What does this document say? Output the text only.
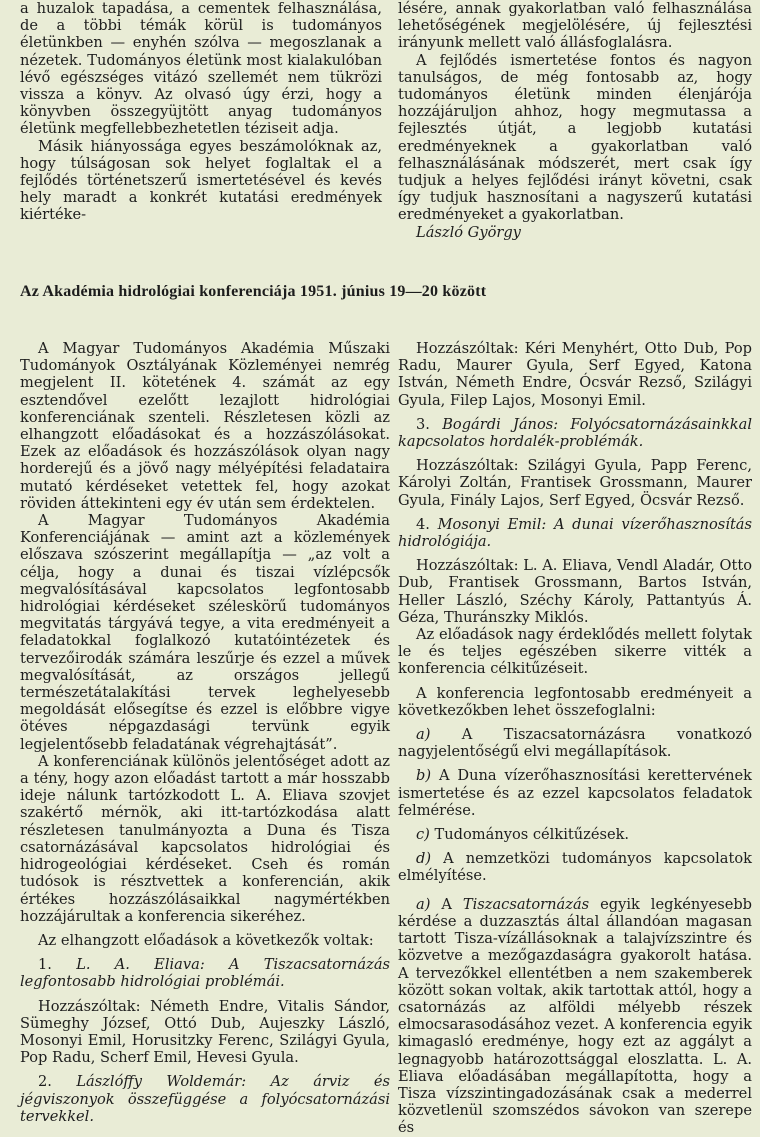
a huzalok tapadása, a cementek felhasználása, de a többi témák körül is tudományos életünkben — enyhén szólva — megoszlanak a nézetek. Tudományos életünk most kialakulóban lévő egészséges vitázó szellemét nem tükrözi vissza a könyv. Az olvasó úgy érzi, hogy a könyvben összegyüjtött anyag tudományos életünk megfellebbezhetetlen téziseit adja.

Másik hiányossága egyes beszámolóknak az, hogy túlságosan sok helyet foglaltak el a fejlődés történetszerű ismertetésével és kevés hely maradt a konkrét kutatási eredmények kiértéke-

lésére, annak gyakorlatban való felhasználása lehetőségének megjelölésére, új fejlesztési irányunk mellett való állásfoglalásra.

A fejlődés ismertetése fontos és nagyon tanulságos, de még fontosabb az, hogy tudományos életünk minden élenjárója hozzájáruljon ahhoz, hogy megmutassa a fejlesztés útját, a legjobb kutatási eredményeknek a gyakorlatban való felhasználásának módszerét, mert csak így tudjuk a helyes fejlődési irányt követni, csak így tudjuk hasznosítani a nagyszerű kutatási eredményeket a gyakorlatban.

László György

Az Akadémia hidrológiai konferenciája 1951. június 19—20 között

A Magyar Tudományos Akadémia Műszaki Tudományok Osztályának Közleményei nemrég megjelent II. kötetének 4. számát az egy esztendővel ezelőtt lezajlott hidrológiai konferenciának szenteli. Részletesen közli az elhangzott előadásokat és a hozzászólásokat. Ezek az előadások és hozzászólások olyan nagy horderejű és a jövő nagy mélyépítési feladataira mutató kérdéseket vetettek fel, hogy azokat röviden áttekinteni egy év után sem érdektelen.

A Magyar Tudományos Akadémia Konferenciájának — amint azt a közlemények előszava szószerint megállapítja — „az volt a célja, hogy a dunai és tiszai vízlépcsők megvalósításával kapcsolatos legfontosabb hidrológiai kérdéseket széleskörű tudományos megvitatás tárgyává tegye, a vita eredményeit a feladatokkal foglalkozó kutatóintézetek és tervezőirodák számára leszűrje és ezzel a művek megvalósítását, az országos jellegű természetátalakítási tervek leghelyesebb megoldását elősegítse és ezzel is előbbre vigye ötéves népgazdasági tervünk egyik legjelentősebb feladatának végrehajtását”.

A konferenciának különös jelentőséget adott az a tény, hogy azon előadást tartott a már hosszabb ideje nálunk tartózkodott L. A. Eliava szovjet szakértő mérnök, aki itt-tartózkodása alatt részletesen tanulmányozta a Duna és Tisza csatornázásával kapcsolatos hidrológiai és hidrogeológiai kérdéseket. Cseh és román tudósok is résztvettek a konferencián, akik értékes hozzászólásaikkal nagymértékben hozzájárultak a konferencia sikeréhez.

Az elhangzott előadások a következők voltak:

1. L. A. Eliava: A Tiszacsatornázás legfontosabb hidrológiai problémái.

Hozzászóltak: Németh Endre, Vitalis Sándor, Sümeghy József, Ottó Dub, Aujeszky László, Mosonyi Emil, Horusitzky Ferenc, Szilágyi Gyula, Pop Radu, Scherf Emil, Hevesi Gyula.

2. Lászlóffy Woldemár: Az árviz és jégviszonyok összefüggése a folyócsatornázási tervekkel.

Hozzászóltak: Kéri Menyhért, Otto Dub, Pop Radu, Maurer Gyula, Serf Egyed, Katona István, Németh Endre, Ócsvár Rezső, Szilágyi Gyula, Filep Lajos, Mosonyi Emil.

3. Bogárdi János: Folyócsatornázásainkkal kapcsolatos hordalék-problémák.

Hozzászóltak: Szilágyi Gyula, Papp Ferenc, Károlyi Zoltán, Frantisek Grossmann, Maurer Gyula, Finály Lajos, Serf Egyed, Öcsvár Rezső.

4. Mosonyi Emil: A dunai vízerőhasznosítás hidrológiája.

Hozzászóltak: L. A. Eliava, Vendl Aladár, Otto Dub, Frantisek Grossmann, Bartos István, Heller László, Széchy Károly, Pattantyús Á. Géza, Thuránszky Miklós.

Az előadások nagy érdeklődés mellett folytak le és teljes egészében sikerre vitték a konferencia célkitűzéseit.

A konferencia legfontosabb eredményeit a következőkben lehet összefoglalni:

a) A Tiszacsatornázásra vonatkozó nagyjelentőségű elvi megállapítások.

b) A Duna vízerőhasznosítási kerettervének ismertetése és az ezzel kapcsolatos feladatok felmérése.

c) Tudományos célkitűzések.

d) A nemzetközi tudományos kapcsolatok elmélyítése.

a) A Tiszacsatornázás egyik legkényesebb kérdése a duzzasztás által állandóan magasan tartott Tisza-vízállásoknak a talajvízszintre és közvetve a mezőgazdaságra gyakorolt hatása. A tervezőkkel ellentétben a nem szakemberek között sokan voltak, akik tartottak attól, hogy a csatornázás az alföldi mélyebb részek elmocsarasodásához vezet. A konferencia egyik kimagasló eredménye, hogy ezt az aggályt a legnagyobb határozottsággal eloszlatta. L. A. Eliava előadásában megállapította, hogy a Tisza vízszintingadozásának csak a mederrel közvetlenül szomszédos sávokon van szerepe és
